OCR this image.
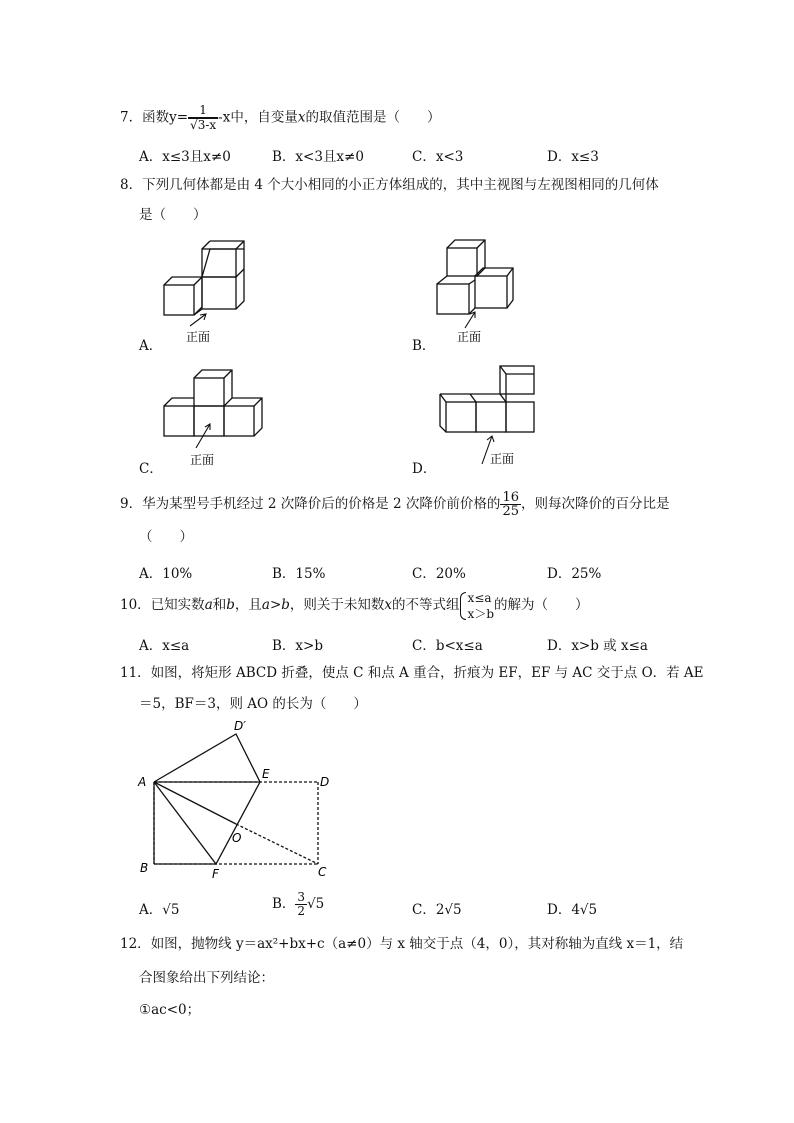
7．函数$y= \frac{1}{√3-x} -x$中，自变量x的取值范围是（　　）
A．x≤3且x≠0	B．x<3且x≠0	C．x<3	D．x≤3
8．下列几何体都是由 4 个大小相同的小正方体组成的，其中主视图与左视图相同的几何体
是（　　）
正面
A．
正面
B．
正面
C．
正面
D．
9．华为某型号手机经过 2 次降价后的价格是 2 次降价前价格的 $\frac{16}{25}$ ，则每次降价的百分比是
（　　）
A．10%	B．15%	C．20%	D．25%
10．已知实数a和b，且a>b，则关于未知数x的不等式组 x≤a
x＞b
的解为（　　）
A．x≤a	B．x>b	C．b<x≤a	D．x>b 或 x≤a
11．如图，将矩形 ABCD 折叠，使点 C 和点 A 重合，折痕为 EF，EF 与 AC 交于点 O．若 AE
＝5，BF＝3，则 AO 的长为（　　）
D′
A
E
D
O
B	F	C
A．√5	B． $\frac{3}{2} √5$	C．2√5	D．4√5
12．如图，抛物线 y＝ax²+bx+c（a≠0）与 x 轴交于点（4，0），其对称轴为直线 x＝1，结
合图象给出下列结论：
①ac<0；
